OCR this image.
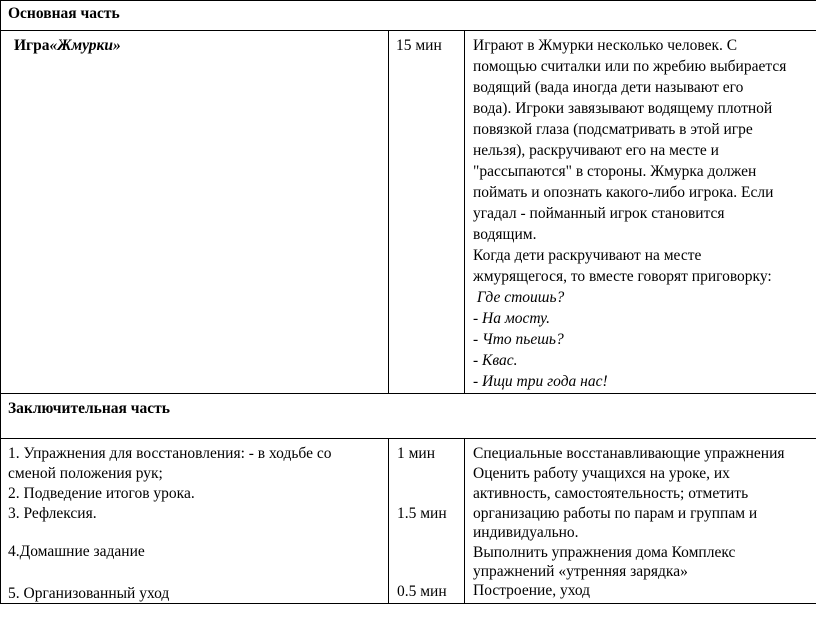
Основная часть
Игра«Жмурки»	15 мин Играют в Жмурки несколько человек. С
помощью считалки или по жребию выбирается
водящий (вада иногда дети называют его
вода). Игроки завязывают водящему плотной
повязкой глаза (подсматривать в этой игре
нельзя), раскручивают его на месте и
"рассыпаются" в стороны. Жмурка должен
поймать и опознать какого-либо игрока. Если
угадал - пойманный игрок становится
водящим.
Когда дети раскручивают на месте
жмурящегося, то вместе говорят приговорку:
Где стоишь?
- На мосту.
- Что пьешь?
- Квас.
- Ищи три года нас!
Заключительная часть
1. Упражнения для восстановления: - в ходьбе со
сменой положения рук;
2. Подведение итогов урока.
3. Рефлексия.
4.Домашние задание
5. Организованный уход
1 мин
1.5 мин
0.5 мин
Специальные восстанавливающие упражнения
Оценить работу учащихся на уроке, их
активность, самостоятельность; отметить
организацию работы по парам и группам и
индивидуально.
Выполнить упражнения дома Комплекс
упражнений «утренняя зарядка»
Построение, уход
